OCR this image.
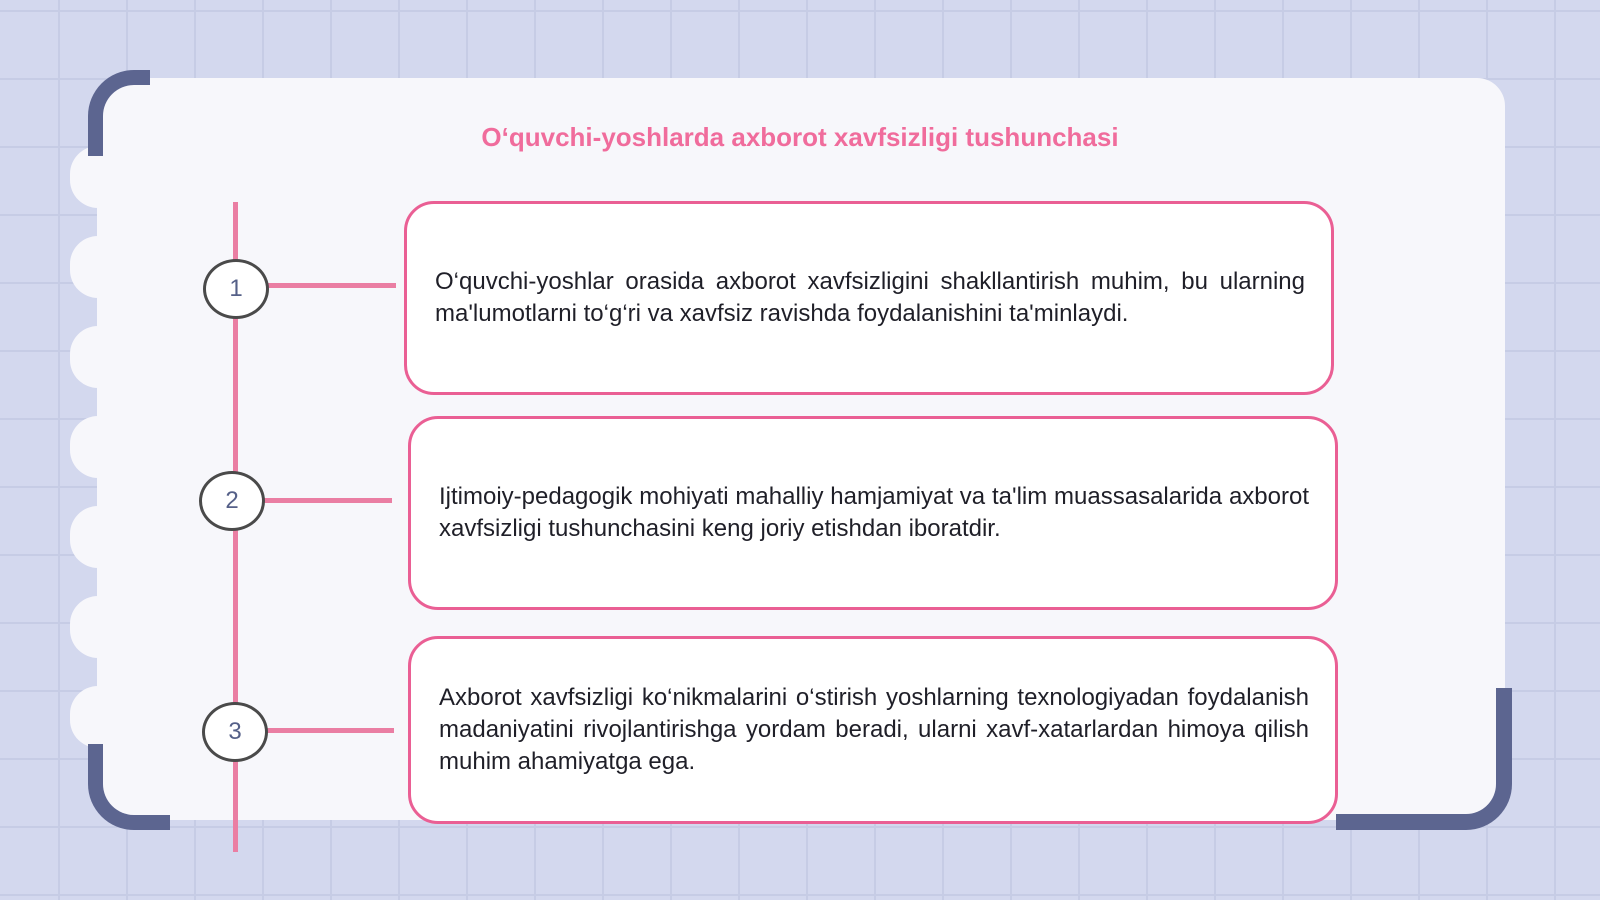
O‘quvchi-yoshlarda axborot xavfsizligi tushunchasi
1
2
3

O‘quvchi-yoshlar orasida axborot xavfsizligini shakllantirish muhim, bu ularning ma'lumotlarni to‘g‘ri va xavfsiz ravishda foydalanishini ta'minlaydi.

Ijtimoiy-pedagogik mohiyati mahalliy hamjamiyat va ta'lim muassasalarida axborot xavfsizligi tushunchasini keng joriy etishdan iboratdir.

Axborot xavfsizligi ko‘nikmalarini o‘stirish yoshlarning texnologiyadan foydalanish madaniyatini rivojlantirishga yordam beradi, ularni xavf-xatarlardan himoya qilish muhim ahamiyatga ega.
